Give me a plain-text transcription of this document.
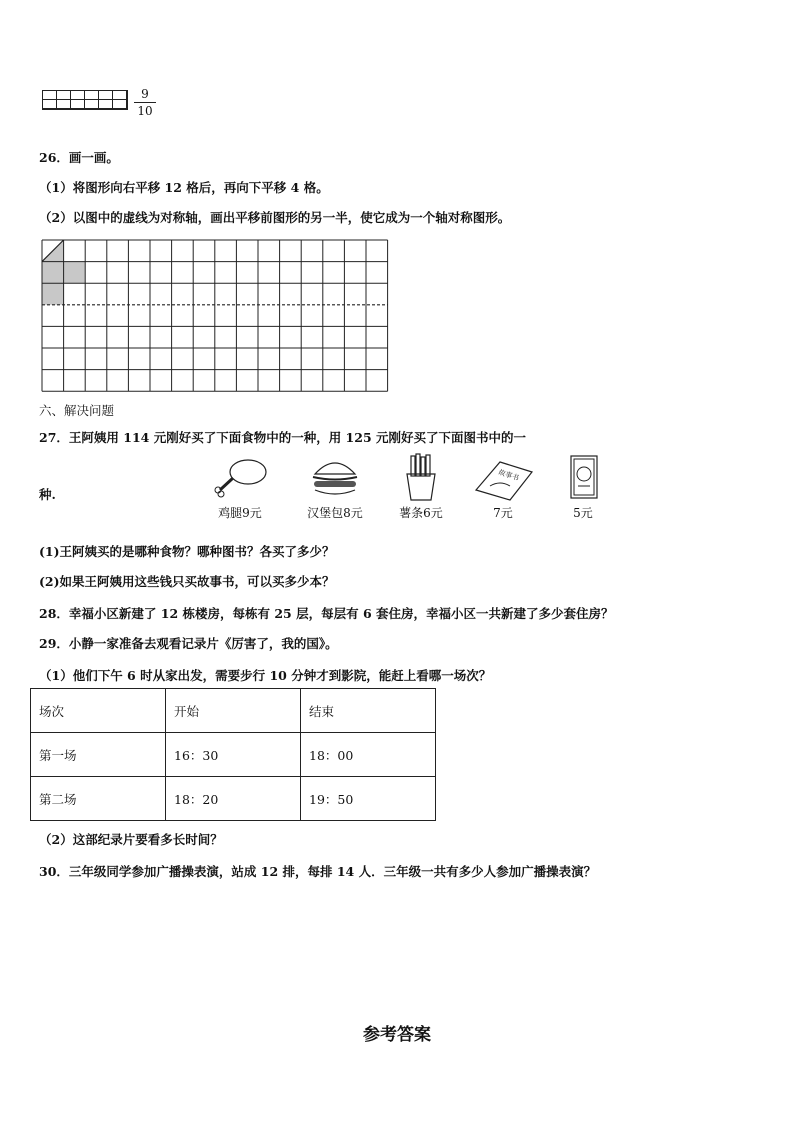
9
10
26．画一画。
（1）将图形向右平移 12 格后，再向下平移 4 格。
（2）以图中的虚线为对称轴，画出平移前图形的另一半，使它成为一个轴对称图形。
六、解决问题
27．王阿姨用 114 元刚好买了下面食物中的一种，用 125 元刚好买了下面图书中的一
种.
鸡腿9元	汉堡包8元	薯条6元
故事书
7元	5元
(1)王阿姨买的是哪种食物？哪种图书？各买了多少？
(2)如果王阿姨用这些钱只买故事书，可以买多少本？
28．幸福小区新建了 12 栋楼房，每栋有 25 层，每层有 6 套住房，幸福小区一共新建了多少套住房？
29．小静一家准备去观看记录片《厉害了，我的国》。
（1）他们下午 6 时从家出发，需要步行 10 分钟才到影院，能赶上看哪一场次？
场次	开始	结束
第一场	16：30	18：00
第二场	18：20	19：50
（2）这部纪录片要看多长时间？
30．三年级同学参加广播操表演，站成 12 排，每排 14 人．三年级一共有多少人参加广播操表演？
参考答案
